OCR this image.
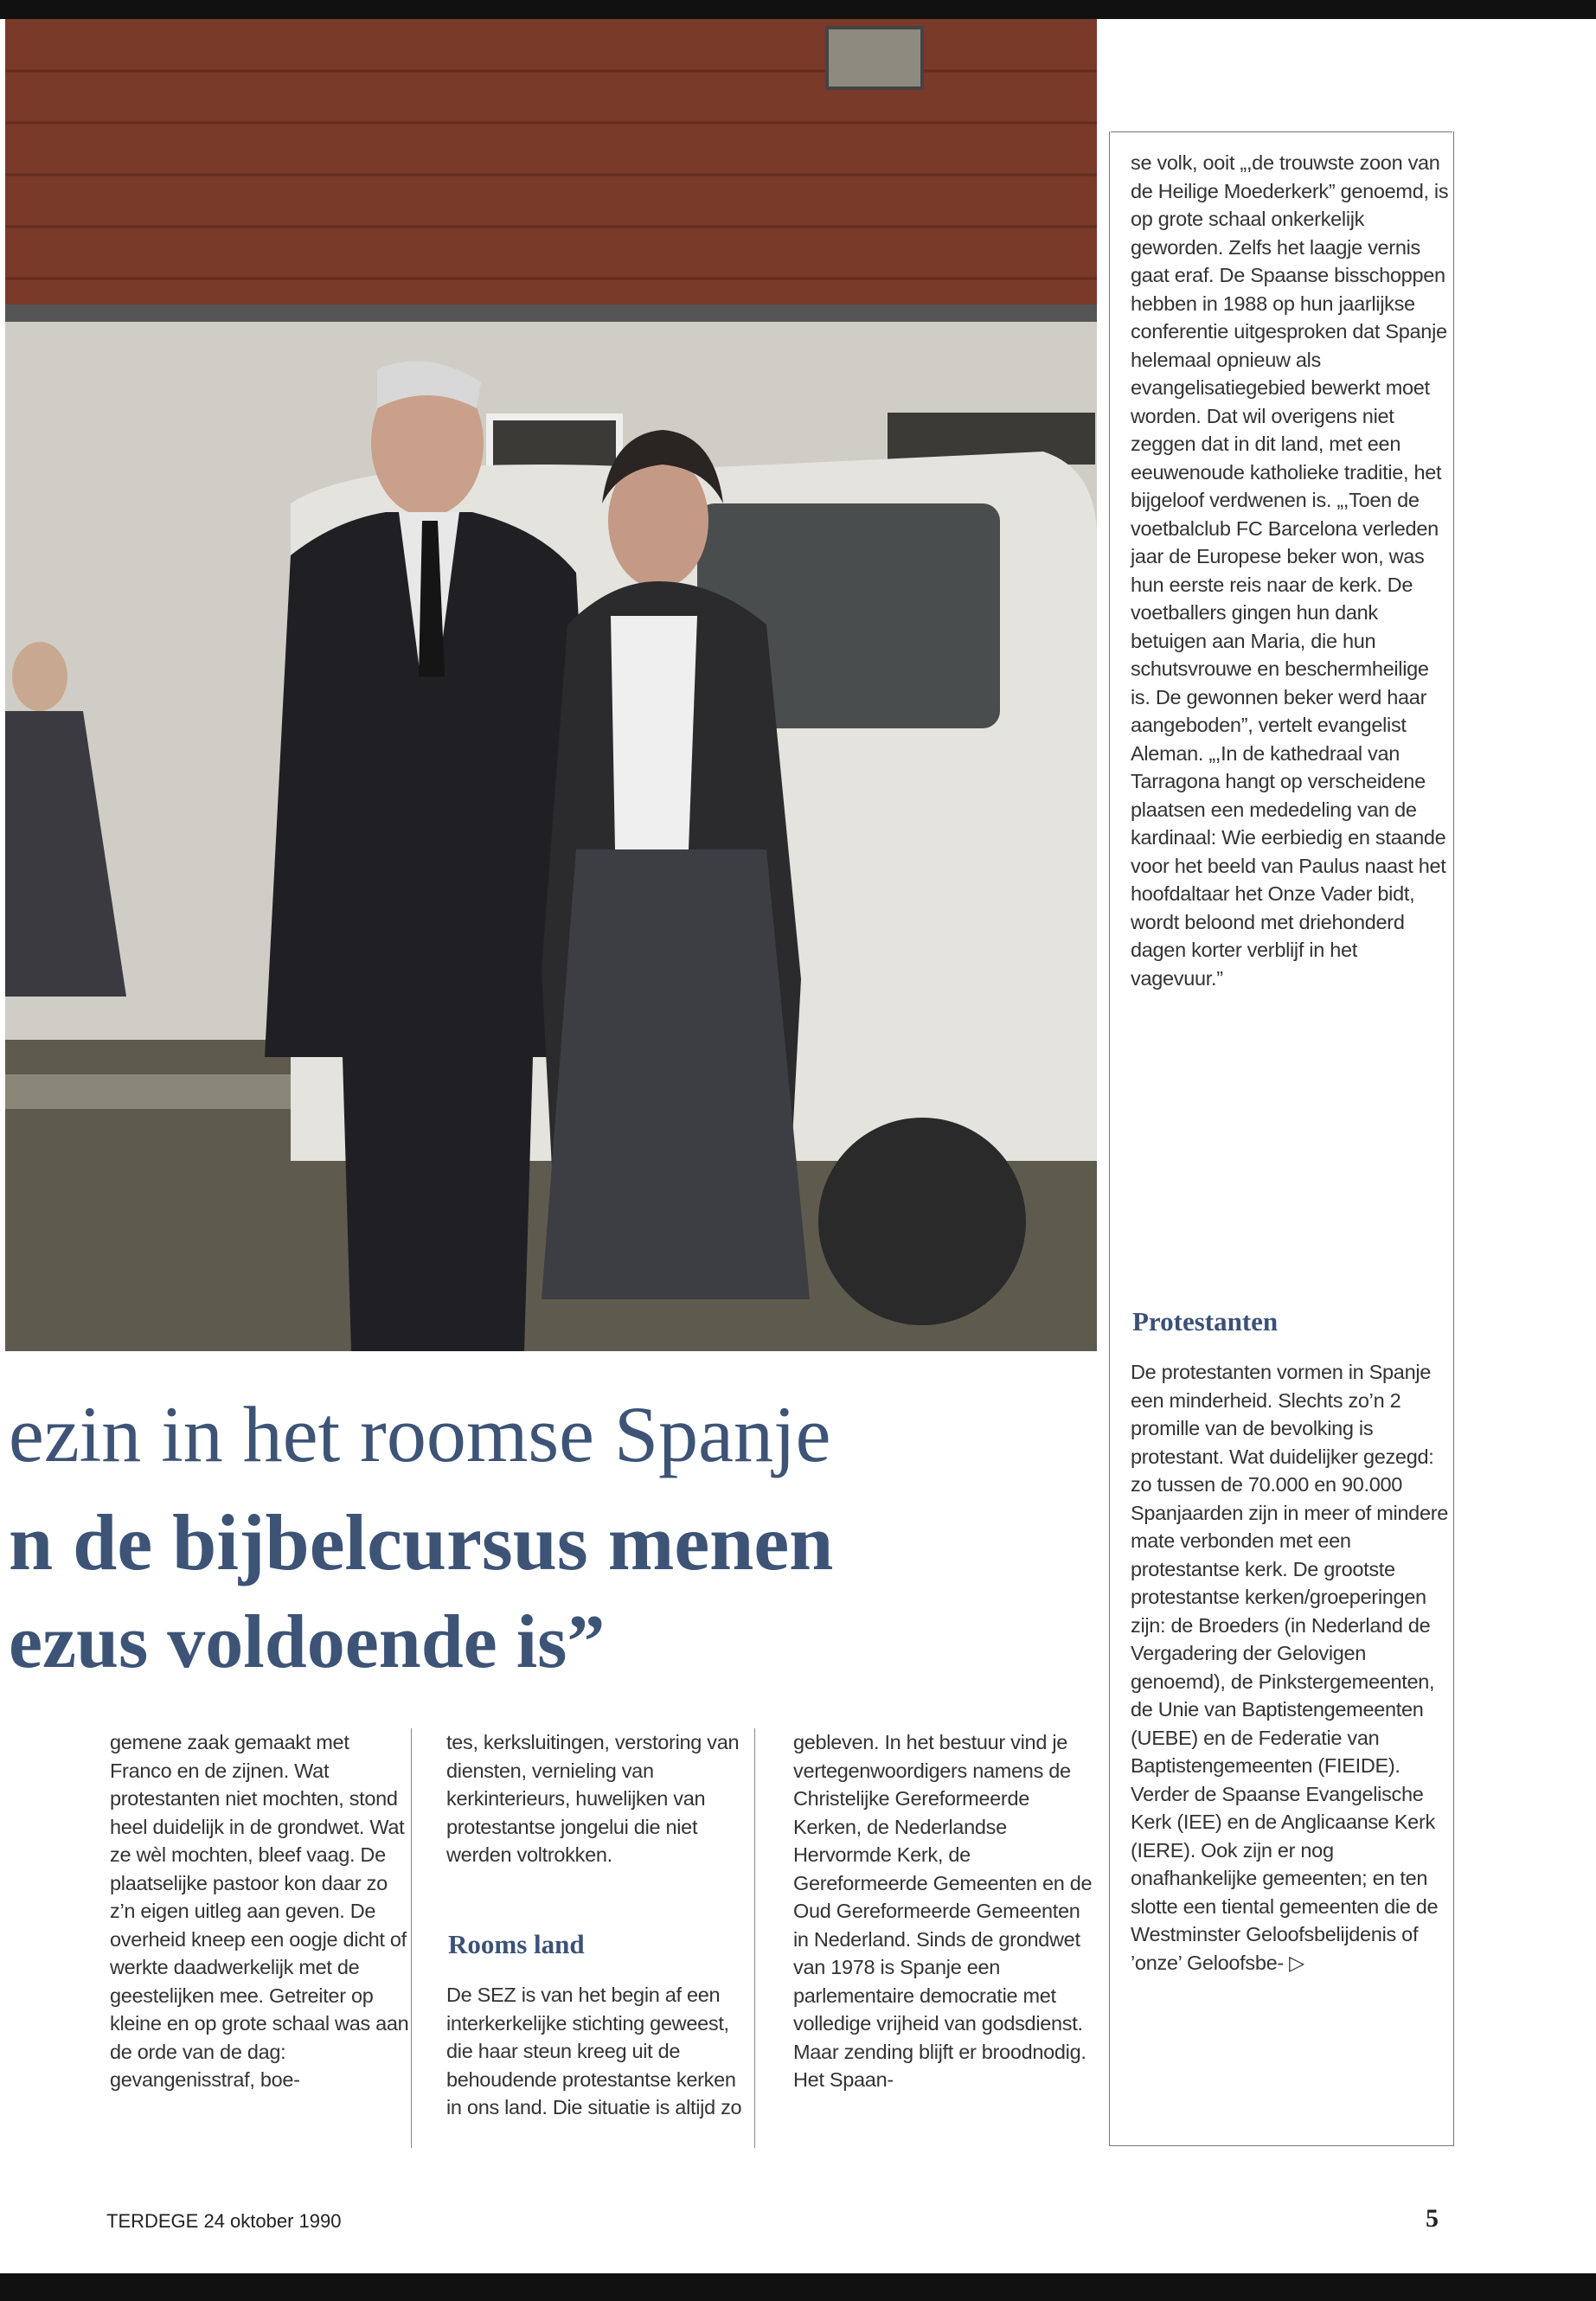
se volk, ooit „,de trouwste zoon van de Heilige Moederkerk” genoemd, is op grote schaal onkerkelijk geworden. Zelfs het laagje vernis gaat eraf. De Spaanse bisschoppen hebben in 1988 op hun jaarlijkse conferentie uitgesproken dat Spanje helemaal opnieuw als evangelisatiegebied bewerkt moet worden. Dat wil overigens niet zeggen dat in dit land, met een eeuwenoude katholieke traditie, het bijgeloof verdwenen is. „,Toen de voetbalclub FC Barcelona verleden jaar de Europese beker won, was hun eerste reis naar de kerk. De voetballers gingen hun dank betuigen aan Maria, die hun schutsvrouwe en beschermheilige is. De gewonnen beker werd haar aangeboden”, vertelt evangelist Aleman. „,In de kathedraal van Tarragona hangt op verscheidene plaatsen een mededeling van de kardinaal: Wie eerbiedig en staande voor het beeld van Paulus naast het hoofdaltaar het Onze Vader bidt, wordt beloond met driehonderd dagen korter verblijf in het vagevuur.”
Protestanten
De protestanten vormen in Spanje een minderheid. Slechts zo’n 2 promille van de bevolking is protestant. Wat duidelijker gezegd: zo tussen de 70.000 en 90.000 Spanjaarden zijn in meer of mindere mate verbonden met een protestantse kerk. De grootste protestantse kerken/groeperingen zijn: de Broeders (in Nederland de Vergadering der Gelovigen genoemd), de Pinkstergemeenten, de Unie van Baptistengemeenten (UEBE) en de Federatie van Baptistengemeenten (FIEIDE). Verder de Spaanse Evangelische Kerk (IEE) en de Anglicaanse Kerk (IERE). Ook zijn er nog onafhankelijke gemeenten; en ten slotte een tiental gemeenten die de Westminster Geloofsbelijdenis of ’onze’ Geloofsbe- ▷
ezin in het roomse Spanje
n de bijbelcursus menen
ezus voldoende is”
gemene zaak gemaakt met Franco en de zijnen. Wat protestanten niet mochten, stond heel duidelijk in de grondwet. Wat ze wèl mochten, bleef vaag. De plaatselijke pastoor kon daar zo z’n eigen uitleg aan geven. De overheid kneep een oogje dicht of werkte daadwerkelijk met de geestelijken mee. Getreiter op kleine en op grote schaal was aan de orde van de dag: gevangenisstraf, boe-
tes, kerksluitingen, verstoring van diensten, vernieling van kerkinterieurs, huwelijken van protestantse jongelui die niet werden voltrokken.
Rooms land
De SEZ is van het begin af een interkerkelijke stichting geweest, die haar steun kreeg uit de behoudende protestantse kerken in ons land. Die situatie is altijd zo
gebleven. In het bestuur vind je vertegenwoordigers namens de Christelijke Gereformeerde Kerken, de Nederlandse Hervormde Kerk, de Gereformeerde Gemeenten en de Oud Gereformeerde Gemeenten in Nederland. Sinds de grondwet van 1978 is Spanje een parlementaire democratie met volledige vrijheid van godsdienst. Maar zending blijft er broodnodig. Het Spaan-
TERDEGE 24 oktober 1990	5
